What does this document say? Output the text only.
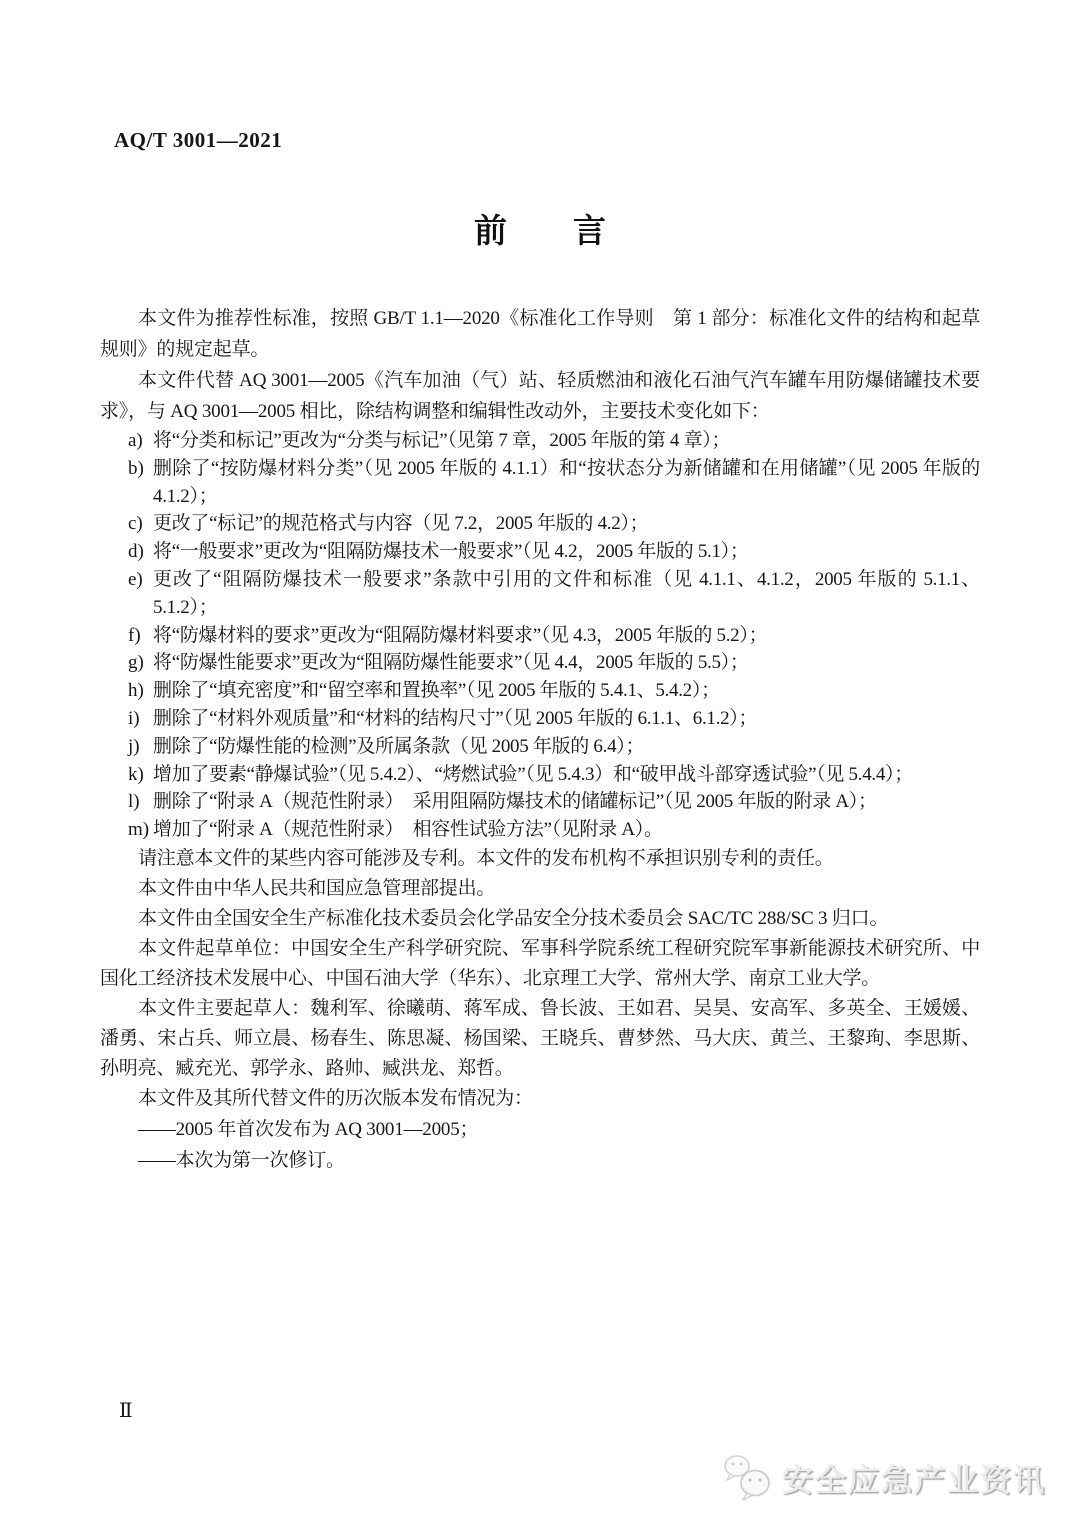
AQ/T 3001—2021
前　　言

本文件为推荐性标准，按照 GB/T 1.1—2020《标准化工作导则　第 1 部分：标准化文件的结构和起草规则》的规定起草。

本文件代替 AQ 3001—2005《汽车加油（气）站、轻质燃油和液化石油气汽车罐车用防爆储罐技术要求》，与 AQ 3001—2005 相比，除结构调整和编辑性改动外，主要技术变化如下：

a) 将“分类和标记”更改为“分类与标记”（见第 7 章，2005 年版的第 4 章）；
b) 删除了“按防爆材料分类”（见 2005 年版的 4.1.1）和“按状态分为新储罐和在用储罐”（见 2005 年版的 4.1.2）；
c) 更改了“标记”的规范格式与内容（见 7.2，2005 年版的 4.2）；
d) 将“一般要求”更改为“阻隔防爆技术一般要求”（见 4.2，2005 年版的 5.1）；
e) 更改了“阻隔防爆技术一般要求”条款中引用的文件和标准（见 4.1.1、4.1.2，2005 年版的 5.1.1、5.1.2）；
f) 将“防爆材料的要求”更改为“阻隔防爆材料要求”（见 4.3，2005 年版的 5.2）；
g) 将“防爆性能要求”更改为“阻隔防爆性能要求”（见 4.4，2005 年版的 5.5）；
h) 删除了“填充密度”和“留空率和置换率”（见 2005 年版的 5.4.1、5.4.2）；
i) 删除了“材料外观质量”和“材料的结构尺寸”（见 2005 年版的 6.1.1、6.1.2）；
j) 删除了“防爆性能的检测”及所属条款（见 2005 年版的 6.4）；
k) 增加了要素“静爆试验”（见 5.4.2）、“烤燃试验”（见 5.4.3）和“破甲战斗部穿透试验”（见 5.4.4）；
l) 删除了“附录 A（规范性附录）　采用阻隔防爆技术的储罐标记”（见 2005 年版的附录 A）；
m) 增加了“附录 A（规范性附录）　相容性试验方法”（见附录 A）。

请注意本文件的某些内容可能涉及专利。本文件的发布机构不承担识别专利的责任。

本文件由中华人民共和国应急管理部提出。

本文件由全国安全生产标准化技术委员会化学品安全分技术委员会 SAC/TC 288/SC 3 归口。

本文件起草单位：中国安全生产科学研究院、军事科学院系统工程研究院军事新能源技术研究所、中国化工经济技术发展中心、中国石油大学（华东）、北京理工大学、常州大学、南京工业大学。

本文件主要起草人：魏利军、徐曦萌、蒋军成、鲁长波、王如君、吴昊、安高军、多英全、王媛媛、潘勇、宋占兵、师立晨、杨春生、陈思凝、杨国梁、王晓兵、曹梦然、马大庆、黄兰、王黎珣、李思斯、孙明亮、臧充光、郭学永、路帅、臧洪龙、郑哲。

本文件及其所代替文件的历次版本发布情况为：

——2005 年首次发布为 AQ 3001—2005；

——本次为第一次修订。

Ⅱ
安全应急产业资讯
